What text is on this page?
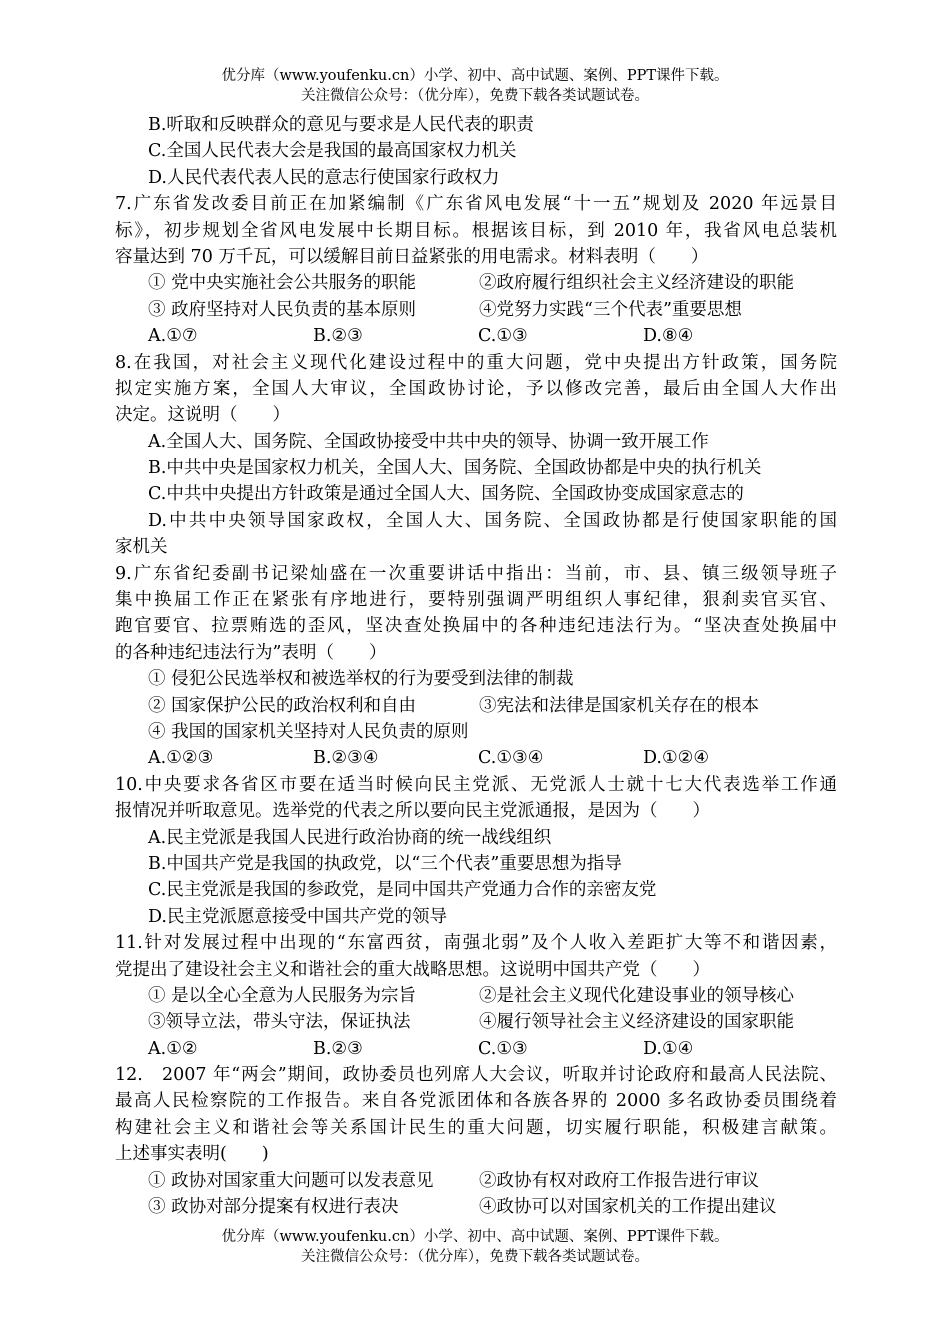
优分库（www.youfenku.cn）小学、初中、高中试题、案例、PPT课件下载。
关注微信公众号：（优分库），免费下载各类试题试卷。
B.听取和反映群众的意见与要求是人民代表的职责
C.全国人民代表大会是我国的最高国家权力机关
D.人民代表代表人民的意志行使国家行政权力
7.广东省发改委目前正在加紧编制《广东省风电发展“十一五”规划及 2020 年远景目
标》，初步规划全省风电发展中长期目标。根据该目标，到 2010 年，我省风电总装机
容量达到 70 万千瓦，可以缓解目前日益紧张的用电需求。材料表明（　　）
① 党中央实施社会公共服务的职能	②政府履行组织社会主义经济建设的职能
③ 政府坚持对人民负责的基本原则	④党努力实践“三个代表”重要思想
A.①⑦	B.②③	C.①③	D.⑧④
8.在我国，对社会主义现代化建设过程中的重大问题，党中央提出方针政策，国务院
拟定实施方案，全国人大审议，全国政协讨论，予以修改完善，最后由全国人大作出
决定。这说明（　　）
A.全国人大、国务院、全国政协接受中共中央的领导、协调一致开展工作
B.中共中央是国家权力机关，全国人大、国务院、全国政协都是中央的执行机关
C.中共中央提出方针政策是通过全国人大、国务院、全国政协变成国家意志的
D.中共中央领导国家政权，全国人大、国务院、全国政协都是行使国家职能的国
家机关
9.广东省纪委副书记梁灿盛在一次重要讲话中指出：当前，市、县、镇三级领导班子
集中换届工作正在紧张有序地进行，要特别强调严明组织人事纪律，狠刹卖官买官、
跑官要官、拉票贿选的歪风，坚决查处换届中的各种违纪违法行为。“坚决查处换届中
的各种违纪违法行为”表明（　　）
① 侵犯公民选举权和被选举权的行为要受到法律的制裁
② 国家保护公民的政治权利和自由	③宪法和法律是国家机关存在的根本
④ 我国的国家机关坚持对人民负责的原则
A.①②③	B.②③④	C.①③④	D.①②④
10.中央要求各省区市要在适当时候向民主党派、无党派人士就十七大代表选举工作通
报情况并听取意见。选举党的代表之所以要向民主党派通报，是因为（　　）
A.民主党派是我国人民进行政治协商的统一战线组织
B.中国共产党是我国的执政党，以“三个代表”重要思想为指导
C.民主党派是我国的参政党，是同中国共产党通力合作的亲密友党
D.民主党派愿意接受中国共产党的领导
11.针对发展过程中出现的“东富西贫，南强北弱”及个人收入差距扩大等不和谐因素，
党提出了建设社会主义和谐社会的重大战略思想。这说明中国共产党（　　）
① 是以全心全意为人民服务为宗旨	②是社会主义现代化建设事业的领导核心
③领导立法，带头守法，保证执法	④履行领导社会主义经济建设的国家职能
A.①②	B.②③	C.①③	D.①④
12.　2007 年“两会”期间，政协委员也列席人大会议，听取并讨论政府和最高人民法院、
最高人民检察院的工作报告。来自各党派团体和各族各界的 2000 多名政协委员围绕着
构建社会主义和谐社会等关系国计民生的重大问题，切实履行职能，积极建言献策。
上述事实表明(　　)
① 政协对国家重大问题可以发表意见	②政协有权对政府工作报告进行审议
③ 政协对部分提案有权进行表决	④政协可以对国家机关的工作提出建议
优分库（www.youfenku.cn）小学、初中、高中试题、案例、PPT课件下载。
关注微信公众号：（优分库），免费下载各类试题试卷。
